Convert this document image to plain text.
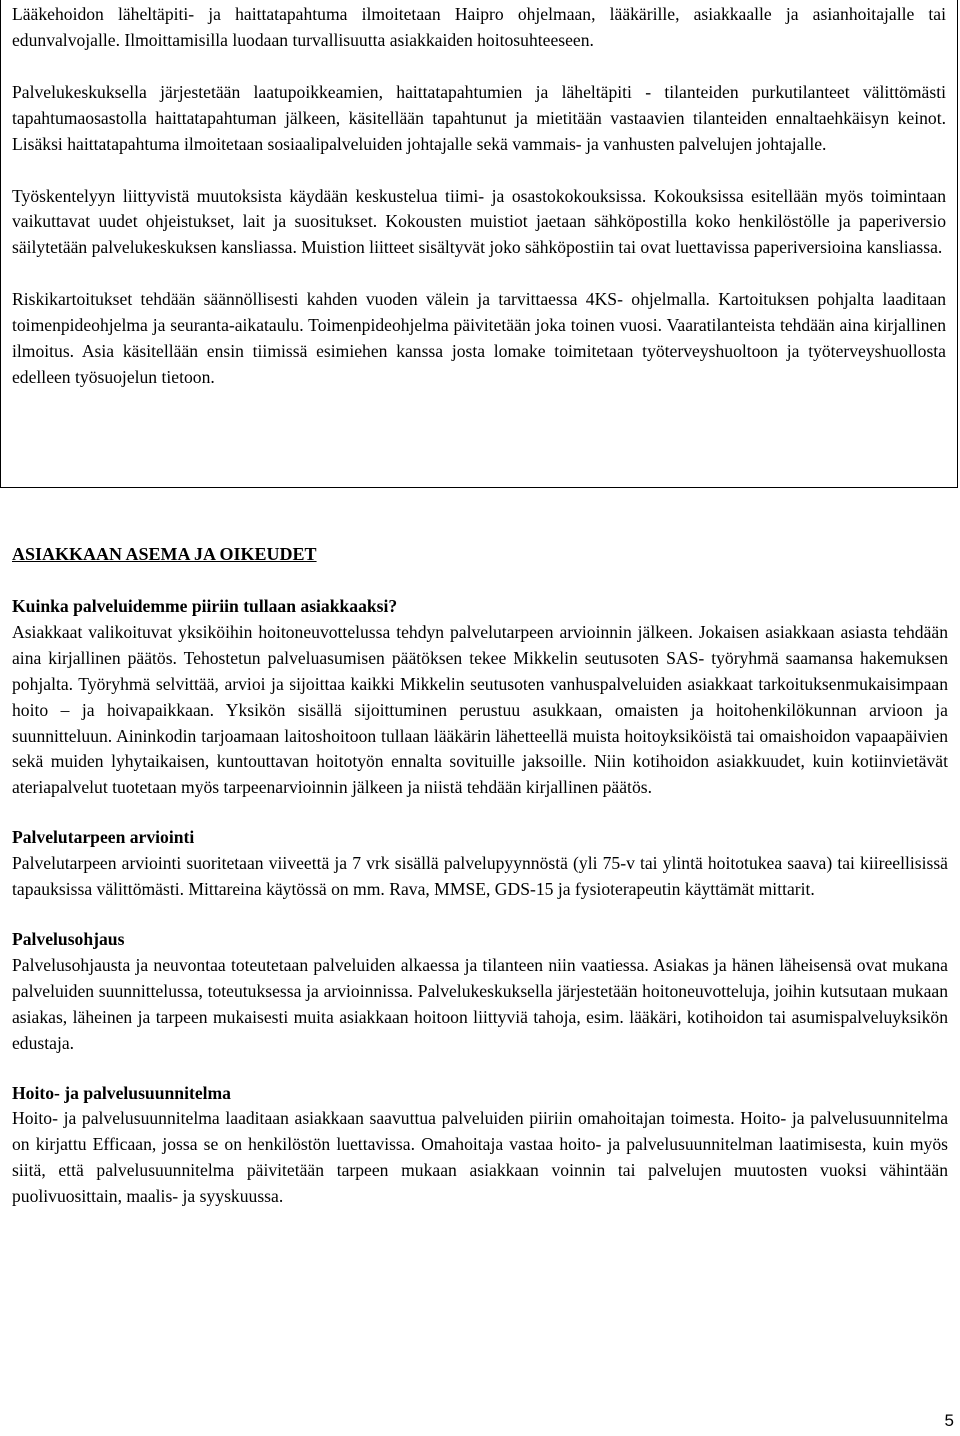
Lääkehoidon läheltäpiti- ja haittatapahtuma ilmoitetaan Haipro ohjelmaan, lääkärille, asiakkaalle ja asianhoitajalle tai edunvalvojalle. Ilmoittamisilla luodaan turvallisuutta asiakkaiden hoitosuhteeseen.

Palvelukeskuksella järjestetään laatupoikkeamien, haittatapahtumien ja läheltäpiti - tilanteiden purkutilanteet välittömästi tapahtumaosastolla haittatapahtuman jälkeen, käsitellään tapahtunut ja mietitään vastaavien tilanteiden ennaltaehkäisyn keinot. Lisäksi haittatapahtuma ilmoitetaan sosiaalipalveluiden johtajalle sekä vammais- ja vanhusten palvelujen johtajalle.

Työskentelyyn liittyvistä muutoksista käydään keskustelua tiimi- ja osastokokouksissa. Kokouksissa esitellään myös toimintaan vaikuttavat uudet ohjeistukset, lait ja suositukset. Kokousten muistiot jaetaan sähköpostilla koko henkilöstölle ja paperiversio säilytetään palvelukeskuksen kansliassa. Muistion liitteet sisältyvät joko sähköpostiin tai ovat luettavissa paperiversioina kansliassa.

Riskikartoitukset tehdään säännöllisesti kahden vuoden välein ja tarvittaessa 4KS- ohjelmalla. Kartoituksen pohjalta laaditaan toimenpideohjelma ja seuranta-aikataulu. Toimenpideohjelma päivitetään joka toinen vuosi. Vaaratilanteista tehdään aina kirjallinen ilmoitus. Asia käsitellään ensin tiimissä esimiehen kanssa josta lomake toimitetaan työterveyshuoltoon ja työterveyshuollosta edelleen työsuojelun tietoon.

ASIAKKAAN ASEMA JA OIKEUDET

Kuinka palveluidemme piiriin tullaan asiakkaaksi?

Asiakkaat valikoituvat yksiköihin hoitoneuvottelussa tehdyn palvelutarpeen arvioinnin jälkeen. Jokaisen asiakkaan asiasta tehdään aina kirjallinen päätös. Tehostetun palveluasumisen päätöksen tekee Mikkelin seutusoten SAS- työryhmä saamansa hakemuksen pohjalta. Työryhmä selvittää, arvioi ja sijoittaa kaikki Mikkelin seutusoten vanhuspalveluiden asiakkaat tarkoituksenmukaisimpaan hoito – ja hoivapaikkaan. Yksikön sisällä sijoittuminen perustuu asukkaan, omaisten ja hoitohenkilökunnan arvioon ja suunnitteluun. Aininkodin tarjoamaan laitoshoitoon tullaan lääkärin lähetteellä muista hoitoyksiköistä tai omaishoidon vapaapäivien sekä muiden lyhytaikaisen, kuntouttavan hoitotyön ennalta sovituille jaksoille. Niin kotihoidon asiakkuudet, kuin kotiinvietävät ateriapalvelut tuotetaan myös tarpeenarvioinnin jälkeen ja niistä tehdään kirjallinen päätös.

Palvelutarpeen arviointi

Palvelutarpeen arviointi suoritetaan viiveettä ja 7 vrk sisällä palvelupyynnöstä (yli 75-v tai ylintä hoitotukea saava) tai kiireellisissä tapauksissa välittömästi. Mittareina käytössä on mm. Rava, MMSE, GDS-15 ja fysioterapeutin käyttämät mittarit.

Palvelusohjaus

Palvelusohjausta ja neuvontaa toteutetaan palveluiden alkaessa ja tilanteen niin vaatiessa. Asiakas ja hänen läheisensä ovat mukana palveluiden suunnittelussa, toteutuksessa ja arvioinnissa. Palvelukeskuksella järjestetään hoitoneuvotteluja, joihin kutsutaan mukaan asiakas, läheinen ja tarpeen mukaisesti muita asiakkaan hoitoon liittyviä tahoja, esim. lääkäri, kotihoidon tai asumispalveluyksikön edustaja.

Hoito- ja palvelusuunnitelma

Hoito- ja palvelusuunnitelma laaditaan asiakkaan saavuttua palveluiden piiriin omahoitajan toimesta. Hoito- ja palvelusuunnitelma on kirjattu Efficaan, jossa se on henkilöstön luettavissa. Omahoitaja vastaa hoito- ja palvelusuunnitelman laatimisesta, kuin myös siitä, että palvelusuunnitelma päivitetään tarpeen mukaan asiakkaan voinnin tai palvelujen muutosten vuoksi vähintään puolivuosittain, maalis- ja syyskuussa.

5
